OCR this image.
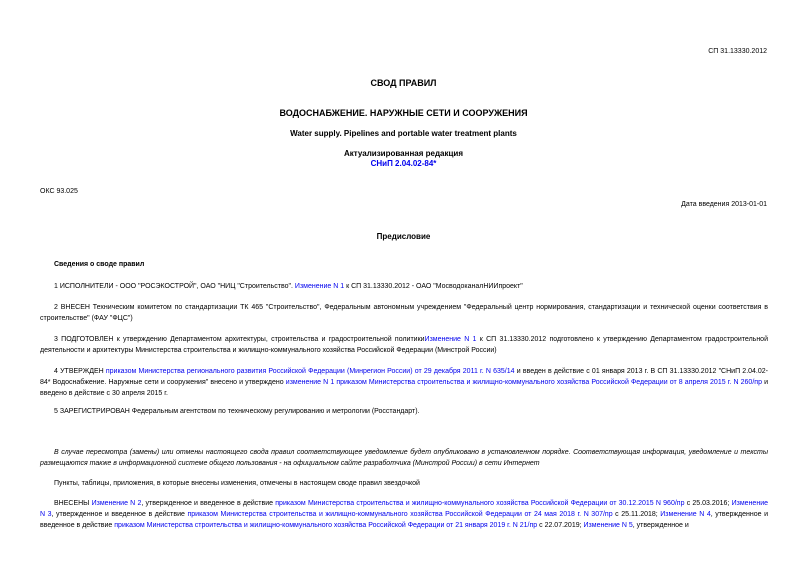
СП 31.13330.2012
СВОД ПРАВИЛ
ВОДОСНАБЖЕНИЕ. НАРУЖНЫЕ СЕТИ И СООРУЖЕНИЯ
Water supply. Pipelines and portable water treatment plants
Актуализированная редакция
СНиП 2.04.02-84*
ОКС 93.025
Дата введения 2013-01-01
Предисловие
Сведения о своде правил
1 ИСПОЛНИТЕЛИ - ООО "РОСЭКОСТРОЙ", ОАО "НИЦ "Строительство". Изменение N 1 к СП 31.13330.2012 - ОАО "МосводоканалНИИпроект"
2 ВНЕСЕН Техническим комитетом по стандартизации ТК 465 "Строительство", Федеральным автономным учреждением "Федеральный центр нормирования, стандартизации и технической оценки соответствия в строительстве" (ФАУ "ФЦС")
3 ПОДГОТОВЛЕН к утверждению Департаментом архитектуры, строительства и градостроительной политикиИзменение N 1 к СП 31.13330.2012 подготовлено к утверждению Департаментом градостроительной деятельности и архитектуры Министерства строительства и жилищно-коммунального хозяйства Российской Федерации (Минстрой России)
4 УТВЕРЖДЕН приказом Министерства регионального развития Российской Федерации (Минрегион России) от 29 декабря 2011 г. N 635/14 и введен в действие с 01 января 2013 г. В СП 31.13330.2012 "СНиП 2.04.02-84* Водоснабжение. Наружные сети и сооружения" внесено и утверждено изменение N 1 приказом Министерства строительства и жилищно-коммунального хозяйства Российской Федерации от 8 апреля 2015 г. N 260/пр и введено в действие с 30 апреля 2015 г.
5 ЗАРЕГИСТРИРОВАН Федеральным агентством по техническому регулированию и метрологии (Росстандарт).
В случае пересмотра (замены) или отмены настоящего свода правил соответствующее уведомление будет опубликовано в установленном порядке. Соответствующая информация, уведомление и тексты размещаются также в информационной системе общего пользования - на официальном сайте разработчика (Минстрой России) в сети Интернет
Пункты, таблицы, приложения, в которые внесены изменения, отмечены в настоящем своде правил звездочкой
ВНЕСЕНЫ Изменение N 2, утвержденное и введенное в действие приказом Министерства строительства и жилищно-коммунального хозяйства Российской Федерации от 30.12.2015 N 960/пр с 25.03.2016; Изменение N 3, утвержденное и введенное в действие приказом Министерства строительства и жилищно-коммунального хозяйства Российской Федерации от 24 мая 2018 г. N 307/пр с 25.11.2018; Изменение N 4, утвержденное и введенное в действие приказом Министерства строительства и жилищно-коммунального хозяйства Российской Федерации от 21 января 2019 г. N 21/пр с 22.07.2019; Изменение N 5, утвержденное и
